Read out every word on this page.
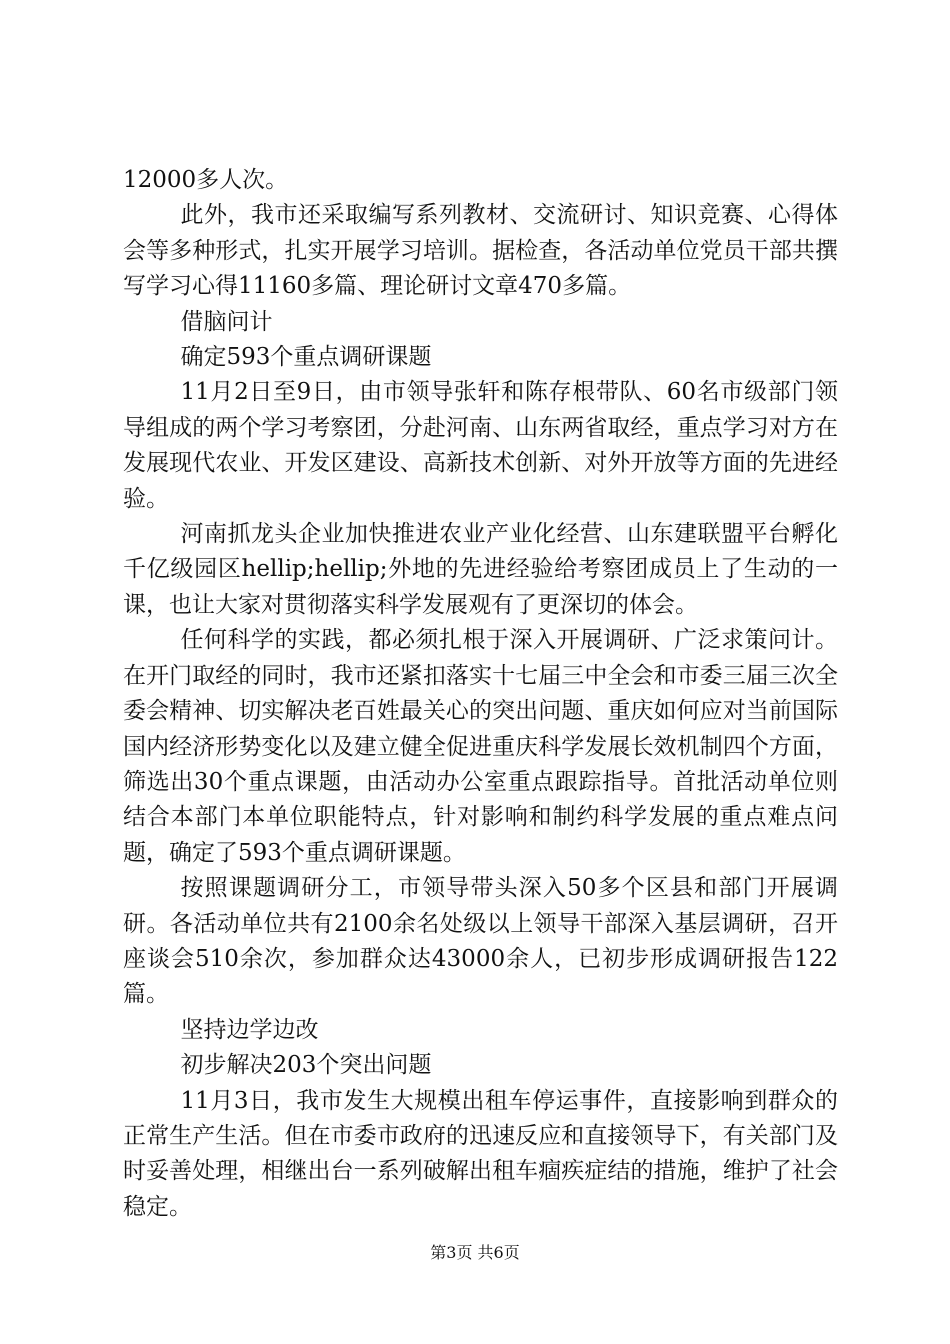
12000多人次。

此外，我市还采取编写系列教材、交流研讨、知识竞赛、心得体会等多种形式，扎实开展学习培训。据检查，各活动单位党员干部共撰写学习心得11160多篇、理论研讨文章470多篇。

借脑问计

确定593个重点调研课题

11月2日至9日，由市领导张轩和陈存根带队、60名市级部门领导组成的两个学习考察团，分赴河南、山东两省取经，重点学习对方在发展现代农业、开发区建设、高新技术创新、对外开放等方面的先进经验。

河南抓龙头企业加快推进农业产业化经营、山东建联盟平台孵化千亿级园区hellip;hellip;外地的先进经验给考察团成员上了生动的一课，也让大家对贯彻落实科学发展观有了更深切的体会。

任何科学的实践，都必须扎根于深入开展调研、广泛求策问计。在开门取经的同时，我市还紧扣落实十七届三中全会和市委三届三次全委会精神、切实解决老百姓最关心的突出问题、重庆如何应对当前国际国内经济形势变化以及建立健全促进重庆科学发展长效机制四个方面，筛选出30个重点课题，由活动办公室重点跟踪指导。首批活动单位则结合本部门本单位职能特点，针对影响和制约科学发展的重点难点问题，确定了593个重点调研课题。

按照课题调研分工，市领导带头深入50多个区县和部门开展调研。各活动单位共有2100余名处级以上领导干部深入基层调研，召开座谈会510余次，参加群众达43000余人，已初步形成调研报告122篇。

坚持边学边改

初步解决203个突出问题

11月3日，我市发生大规模出租车停运事件，直接影响到群众的正常生产生活。但在市委市政府的迅速反应和直接领导下，有关部门及时妥善处理，相继出台一系列破解出租车痼疾症结的措施，维护了社会稳定。

第3页 共6页
